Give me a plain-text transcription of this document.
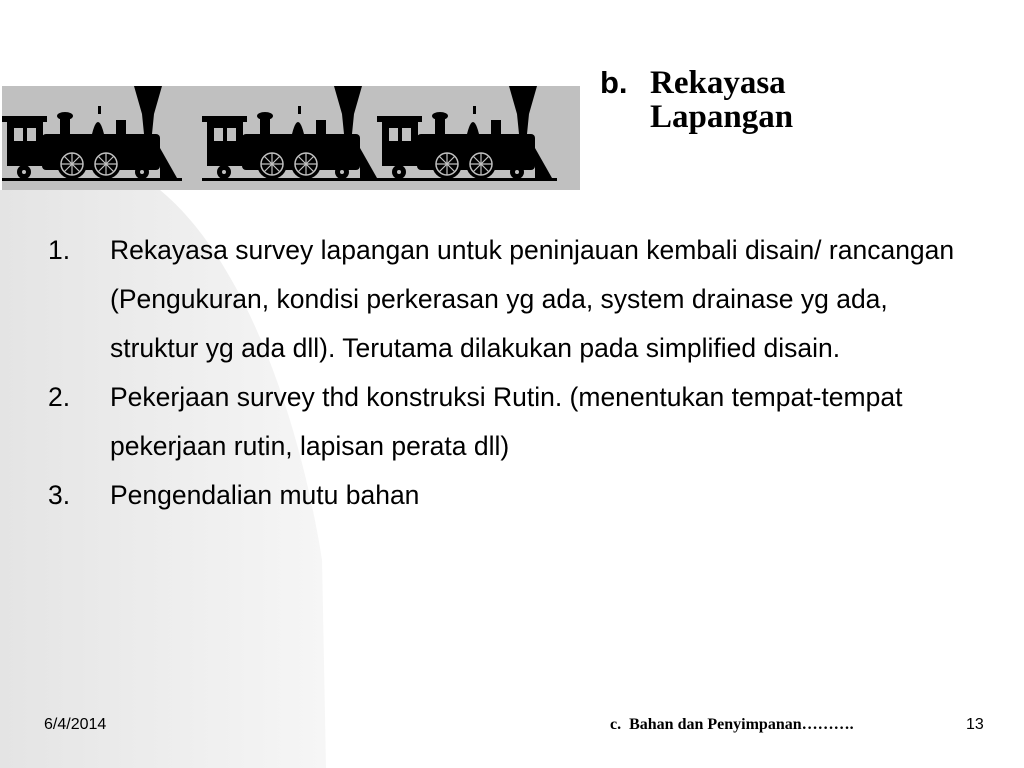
b. Rekayasa
Lapangan
1.	Rekayasa survey lapangan untuk peninjauan kembali disain/ rancangan (Pengukuran, kondisi perkerasan yg ada, system drainase yg ada, struktur yg ada dll). Terutama dilakukan pada simplified disain.
2.	Pekerjaan survey thd konstruksi Rutin. (menentukan tempat-tempat pekerjaan rutin, lapisan perata dll)
3.	Pengendalian mutu bahan
6/4/2014	c. Bahan dan Penyimpanan……….	13
